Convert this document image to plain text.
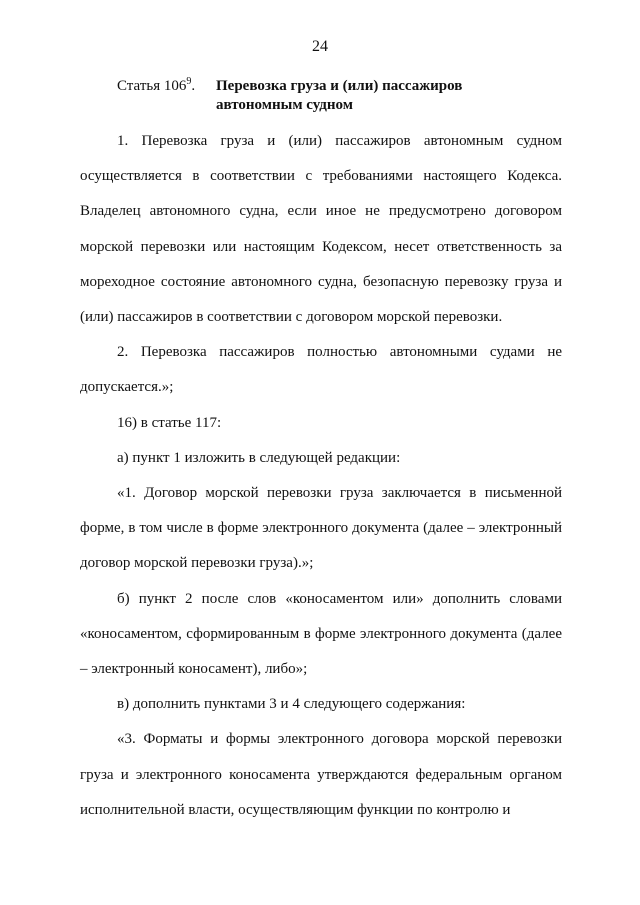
24
Статья $106^9$. Перевозка груза и (или) пассажиров
автономным судном

1. Перевозка груза и (или) пассажиров автономным судном осуществляется в соответствии с требованиями настоящего Кодекса. Владелец автономного судна, если иное не предусмотрено договором морской перевозки или настоящим Кодексом, несет ответственность за мореходное состояние автономного судна, безопасную перевозку груза и (или) пассажиров в соответствии с договором морской перевозки.

2. Перевозка пассажиров полностью автономными судами не допускается.»;

16) в статье 117:

а) пункт 1 изложить в следующей редакции:

«1. Договор морской перевозки груза заключается в письменной форме, в том числе в форме электронного документа (далее – электронный договор морской перевозки груза).»;

б) пункт 2 после слов «коносаментом или» дополнить словами «коносаментом, сформированным в форме электронного документа (далее – электронный коносамент), либо»;

в) дополнить пунктами 3 и 4 следующего содержания:

«3. Форматы и формы электронного договора морской перевозки груза и электронного коносамента утверждаются федеральным органом исполнительной власти, осуществляющим функции по контролю и
